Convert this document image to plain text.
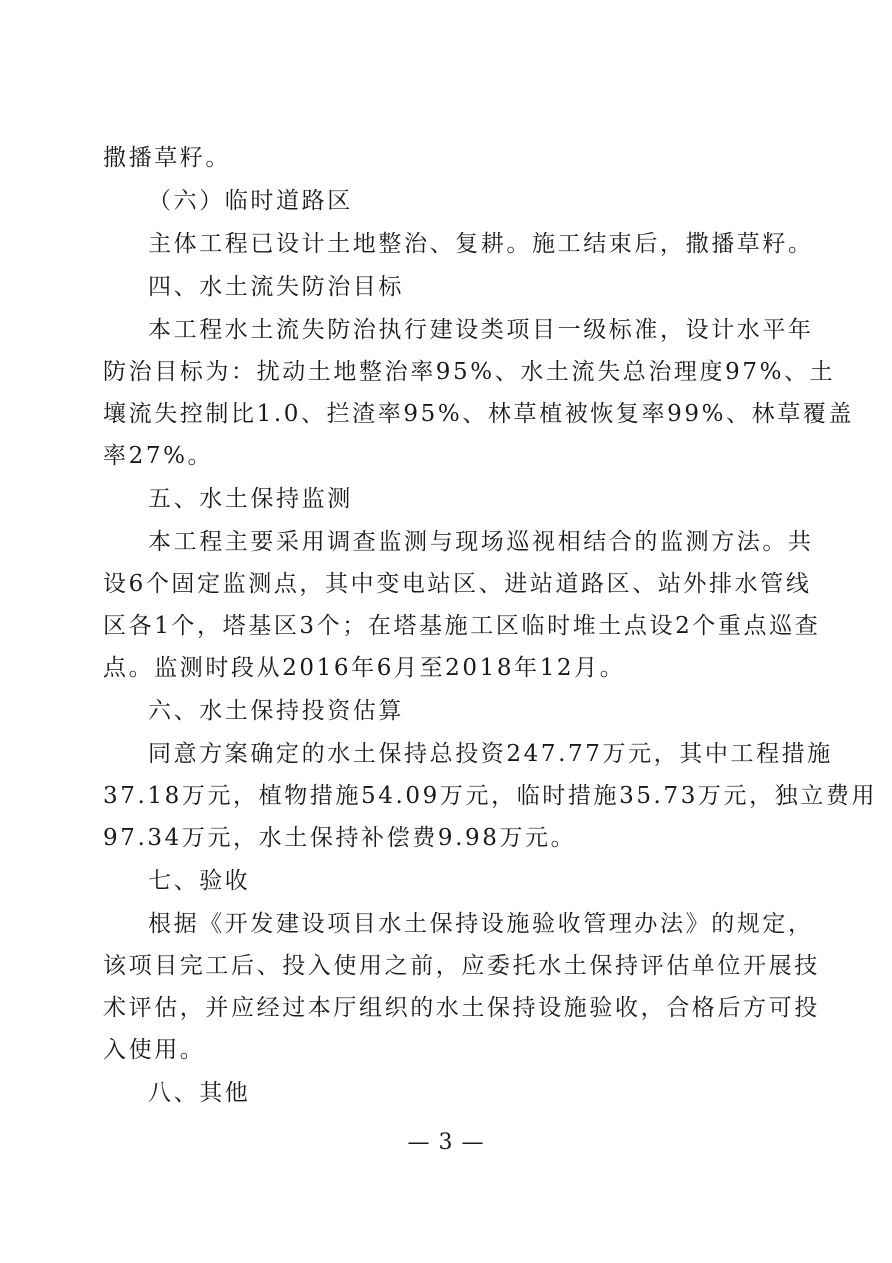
撒播草籽。
（六）临时道路区
主体工程已设计土地整治、复耕。施工结束后，撒播草籽。
四、水土流失防治目标
本工程水土流失防治执行建设类项目一级标准，设计水平年
防治目标为：扰动土地整治率95%、水土流失总治理度97%、土
壤流失控制比1.0、拦渣率95%、林草植被恢复率99%、林草覆盖
率27%。
五、水土保持监测
本工程主要采用调查监测与现场巡视相结合的监测方法。共
设6个固定监测点，其中变电站区、进站道路区、站外排水管线
区各1个，塔基区3个；在塔基施工区临时堆土点设2个重点巡查
点。监测时段从2016年6月至2018年12月。
六、水土保持投资估算
同意方案确定的水土保持总投资247.77万元，其中工程措施
37.18万元，植物措施54.09万元，临时措施35.73万元，独立费用
97.34万元，水土保持补偿费9.98万元。
七、验收
根据《开发建设项目水土保持设施验收管理办法》的规定，
该项目完工后、投入使用之前，应委托水土保持评估单位开展技
术评估，并应经过本厅组织的水土保持设施验收，合格后方可投
入使用。
八、其他
— 3 —
